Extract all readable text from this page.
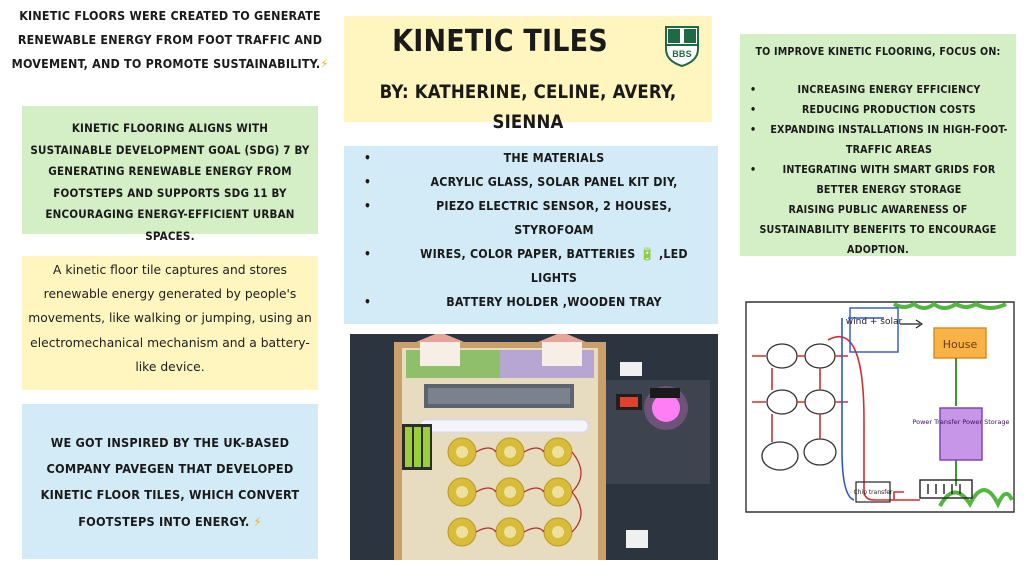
KINETIC FLOORS WERE CREATED TO GENERATE RENEWABLE ENERGY FROM FOOT TRAFFIC AND MOVEMENT, AND TO PROMOTE SUSTAINABILITY.⚡
KINETIC FLOORING ALIGNS WITH SUSTAINABLE DEVELOPMENT GOAL (SDG) 7 BY GENERATING RENEWABLE ENERGY FROM FOOTSTEPS AND SUPPORTS SDG 11 BY ENCOURAGING ENERGY-EFFICIENT URBAN SPACES.
A kinetic floor tile captures and stores renewable energy generated by people's movements, like walking or jumping, using an electromechanical mechanism and a battery-like device.
WE GOT INSPIRED BY THE UK-BASED COMPANY PAVEGEN THAT DEVELOPED KINETIC FLOOR TILES, WHICH CONVERT FOOTSTEPS INTO ENERGY. ⚡
KINETIC TILES	BBS
BY: KATHERINE, CELINE, AVERY, SIENNA
• THE MATERIALS
• ACRYLIC GLASS, SOLAR PANEL KIT DIY,
• PIEZO ELECTRIC SENSOR, 2 HOUSES, STYROFOAM
• WIRES, COLOR PAPER, BATTERIES 🔋 ,LED LIGHTS
• BATTERY HOLDER ,WOODEN TRAY
TO IMPROVE KINETIC FLOORING, FOCUS ON:
• INCREASING ENERGY EFFICIENCY
• REDUCING PRODUCTION COSTS
• EXPANDING INSTALLATIONS IN HIGH-FOOT-TRAFFIC AREAS
• INTEGRATING WITH SMART GRIDS FOR BETTER ENERGY STORAGE
RAISING PUBLIC AWARENESS OF SUSTAINABILITY BENEFITS TO ENCOURAGE ADOPTION.
wind + solar
House
Power Transfer Power Storage
Chip transfer
